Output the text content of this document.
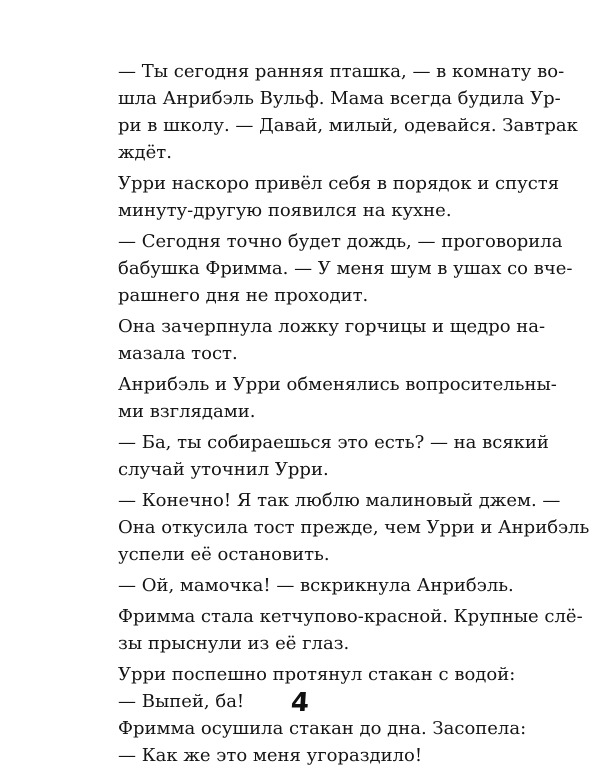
— Ты сегодня ранняя пташка, — в комнату во-
шла Анрибэль Вульф. Мама всегда будила Ур-
ри в школу. — Давай, милый, одевайся. Завтрак
ждёт.
Урри наскоро привёл себя в порядок и спустя
минуту-другую появился на кухне.
— Сегодня точно будет дождь, — проговорила
бабушка Фримма. — У меня шум в ушах со вче-
рашнего дня не проходит.
Она зачерпнула ложку горчицы и щедро на-
мазала тост.
Анрибэль и Урри обменялись вопросительны-
ми взглядами.
— Ба, ты собираешься это есть? — на всякий
случай уточнил Урри.
— Конечно! Я так люблю малиновый джем. —
Она откусила тост прежде, чем Урри и Анрибэль
успели её остановить.
— Ой, мамочка! — вскрикнула Анрибэль.
Фримма стала кетчупово-красной. Крупные слё-
зы прыснули из её глаз.
Урри поспешно протянул стакан с водой:
— Выпей, ба!
Фримма осушила стакан до дна. Засопела:
— Как же это меня угораздило!
4
